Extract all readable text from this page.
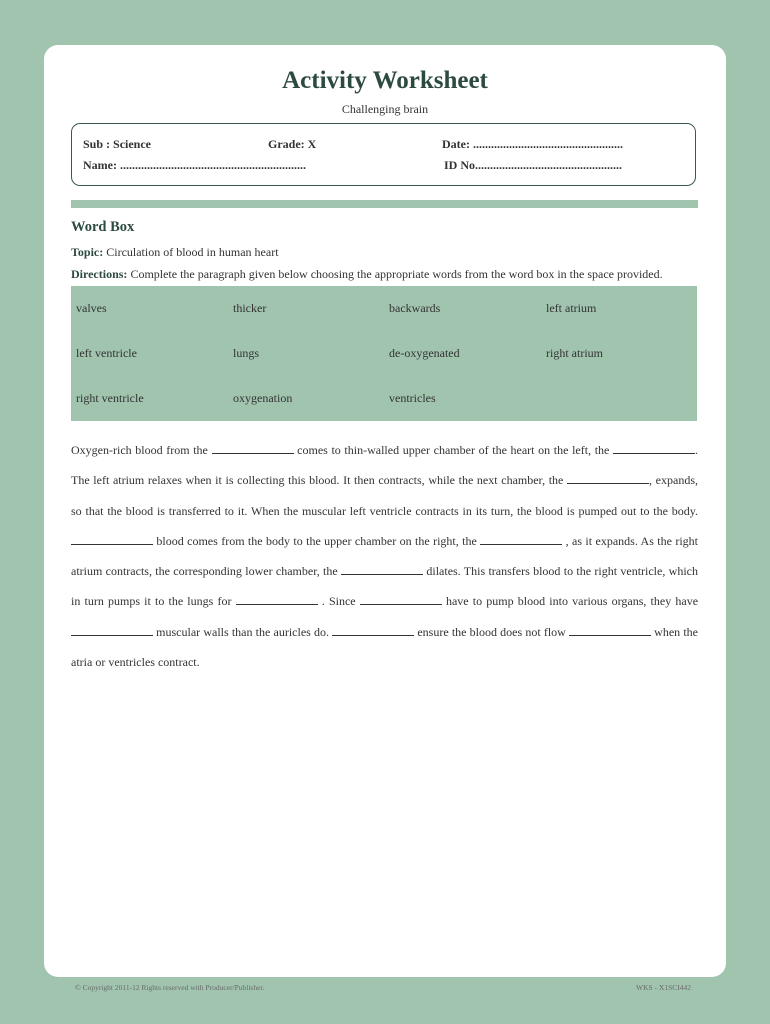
Activity Worksheet
Challenging brain
Sub : Science	Grade: X	Date: ..................................................
Name: ..............................................................	ID No.................................................
Word Box
Topic: Circulation of blood in human heart
Directions: Complete the paragraph given below choosing the appropriate words from the word box in the space provided.
valves	thicker	backwards	left atrium
left ventricle	lungs	de-oxygenated	right atrium
right ventricle	oxygenation	ventricles
Oxygen-rich blood from the	comes to thin-walled upper chamber of the heart on the left, the	. The left atrium relaxes when it is collecting this blood. It then contracts, while the next chamber, the	, expands, so that the blood is transferred to it. When the muscular left ventricle contracts in its turn, the blood is pumped out to the body.  blood comes from the body to the upper chamber on the right, the	, as it expands. As the right atrium contracts, the corresponding lower chamber, the	dilates. This transfers blood to the right ventricle, which in turn pumps it to the lungs for	. Since	have to pump blood into various organs, they have  muscular walls than the auricles do.	ensure the blood does not flow	when the atria or ventricles contract.
© Copyright 2011-12 Rights reserved with Producer/Publisher.	WKS - X1SCI442
